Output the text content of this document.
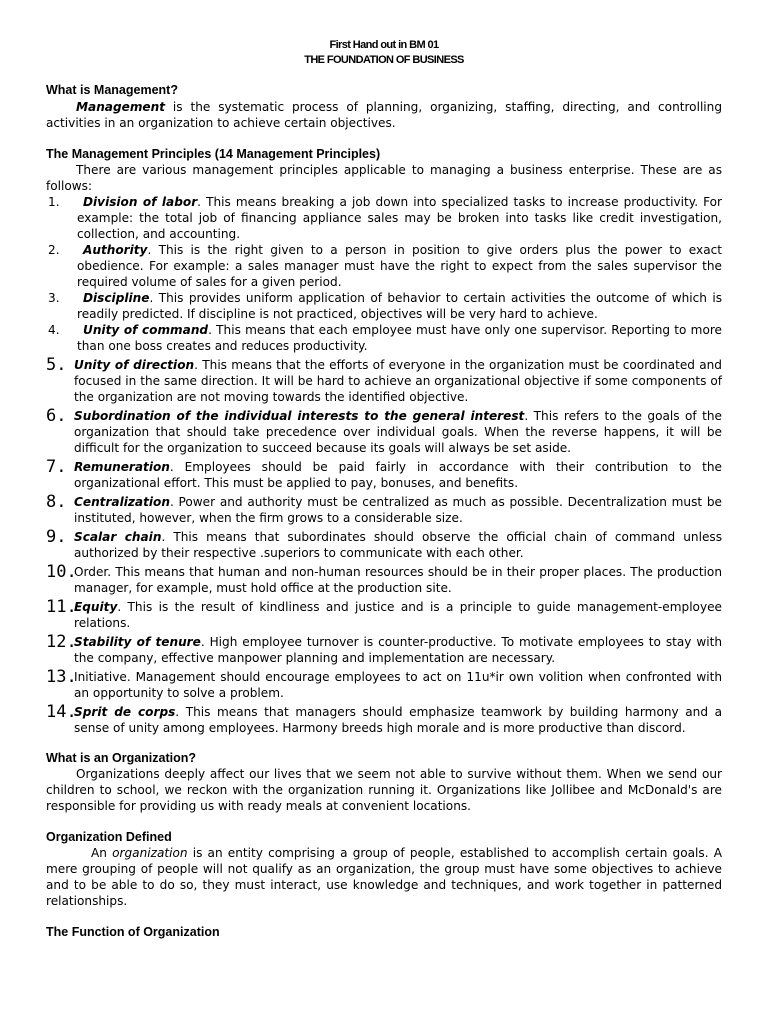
First Hand out in BM 01

THE FOUNDATION OF BUSINESS

What is Management?

Management is the systematic process of planning, organizing, staffing, directing, and controlling activities in an organization to achieve certain objectives.

The Management Principles (14 Management Principles)

There are various management principles applicable to managing a business enterprise. These are as follows:

1. Division of labor. This means breaking a job down into specialized tasks to increase productivity. For example: the total job of financing appliance sales may be broken into tasks like credit investigation, collection, and accounting.
2. Authority. This is the right given to a person in position to give orders plus the power to exact obedience. For example: a sales manager must have the right to expect from the sales supervisor the required volume of sales for a given period.
3. Discipline. This provides uniform application of behavior to certain activities the outcome of which is readily predicted. If discipline is not practiced, objectives will be very hard to achieve.
4. Unity of command. This means that each employee must have only one supervisor. Reporting to more than one boss creates and reduces productivity.
5. Unity of direction. This means that the efforts of everyone in the organization must be coordinated and focused in the same direction. It will be hard to achieve an organizational objective if some components of the organization are not moving towards the identified objective.
6. Subordination of the individual interests to the general interest. This refers to the goals of the organization that should take precedence over individual goals. When the reverse happens, it will be difficult for the organization to succeed because its goals will always be set aside.
7. Remuneration. Employees should be paid fairly in accordance with their contribution to the organizational effort. This must be applied to pay, bonuses, and benefits.
8. Centralization. Power and authority must be centralized as much as possible. Decentralization must be instituted, however, when the firm grows to a considerable size.
9. Scalar chain. This means that subordinates should observe the official chain of command unless authorized by their respective .superiors to communicate with each other.
10.
Order. This means that human and non-human resources should be in their proper places. The production manager, for example, must hold office at the production site.
11.
Equity. This is the result of kindliness and justice and is a principle to guide management-employee relations.
12.
Stability of tenure. High employee turnover is counter-productive. To motivate employees to stay with the company, effective manpower planning and implementation are necessary.
13.
Initiative. Management should encourage employees to act on 11u*ir own volition when confronted with an opportunity to solve a problem.
14.
Sprit de corps. This means that managers should emphasize teamwork by building harmony and a sense of unity among employees. Harmony breeds high morale and is more productive than discord.
What is an Organization?

Organizations deeply affect our lives that we seem not able to survive without them. When we send our children to school, we reckon with the organization running it. Organizations like Jollibee and McDonald's are responsible for providing us with ready meals at convenient locations.

Organization Defined

An organization is an entity comprising a group of people, established to accomplish certain goals. A mere grouping of people will not qualify as an organization, the group must have some objectives to achieve and to be able to do so, they must interact, use knowledge and techniques, and work together in patterned relationships.

The Function of Organization
